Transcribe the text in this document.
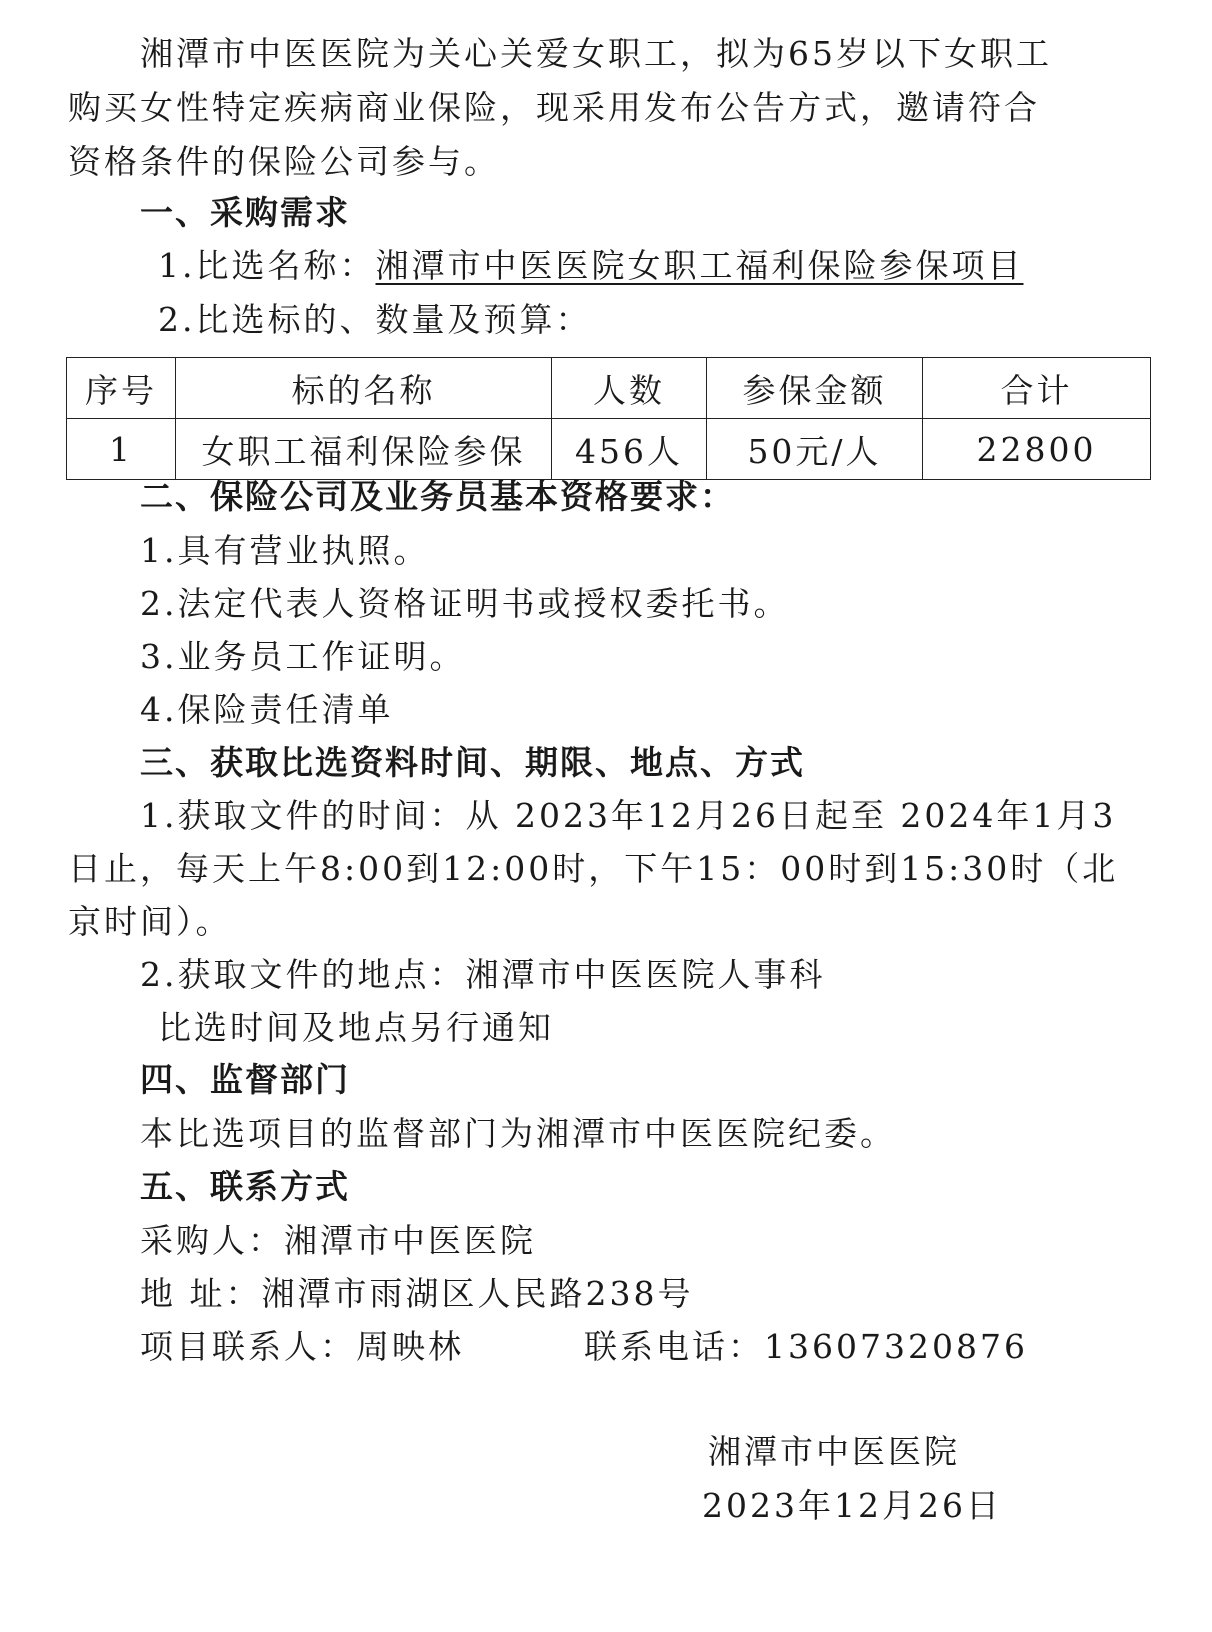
湘潭市中医医院为关心关爱女职工，拟为65岁以下女职工
购买女性特定疾病商业保险，现采用发布公告方式，邀请符合
资格条件的保险公司参与。
一、采购需求
1.比选名称：湘潭市中医医院女职工福利保险参保项目
2.比选标的、数量及预算：
序号	标的名称	人数	参保金额	合计
1	女职工福利保险参保	456人	50元/人	22800
二、保险公司及业务员基本资格要求：
1.具有营业执照。
2.法定代表人资格证明书或授权委托书。
3.业务员工作证明。
4.保险责任清单
三、获取比选资料时间、期限、地点、方式
1.获取文件的时间：从 2023年12月26日起至 2024年1月3
日止，每天上午8:00到12:00时，下午15：00时到15:30时（北
京时间）。
2.获取文件的地点：湘潭市中医医院人事科
比选时间及地点另行通知
四、监督部门
本比选项目的监督部门为湘潭市中医医院纪委。
五、联系方式
采购人：湘潭市中医医院
地 址：湘潭市雨湖区人民路238号
项目联系人：周映林	联系电话：13607320876
湘潭市中医医院
2023年12月26日
